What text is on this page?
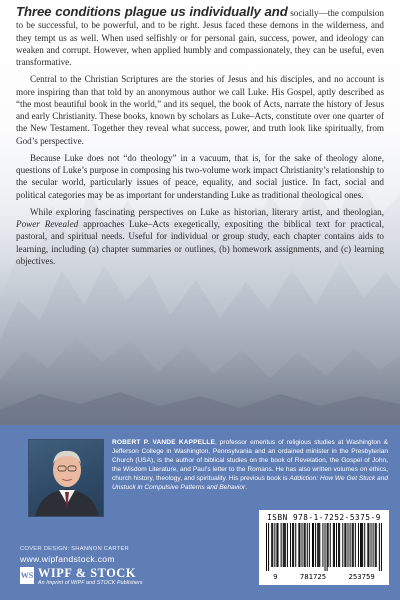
Three conditions plague us individually and socially—the compulsion to be successful, to be powerful, and to be right. Jesus faced these demons in the wilderness, and they tempt us as well. When used selfishly or for personal gain, success, power, and ideology can weaken and corrupt. However, when applied humbly and compassionately, they can be useful, even transformative.

Central to the Christian Scriptures are the stories of Jesus and his disciples, and no account is more inspiring than that told by an anonymous author we call Luke. His Gospel, aptly described as “the most beautiful book in the world,” and its sequel, the book of Acts, narrate the history of Jesus and early Christianity. These books, known by scholars as Luke–Acts, constitute over one quarter of the New Testament. Together they reveal what success, power, and truth look like spiritually, from God’s perspective.

Because Luke does not “do theology” in a vacuum, that is, for the sake of theology alone, questions of Luke’s purpose in composing his two-volume work impact Christianity’s relationship to the secular world, particularly issues of peace, equality, and social justice. In fact, social and political categories may be as important for understanding Luke as traditional theological ones.

While exploring fascinating perspectives on Luke as historian, literary artist, and theologian, Power Revealed approaches Luke–Acts exegetically, expositing the biblical text for practical, pastoral, and spiritual needs. Useful for individual or group study, each chapter contains aids to learning, including (a) chapter summaries or outlines, (b) homework assignments, and (c) learning objectives.

ROBERT P. VANDE KAPPELLE, professor emeritus of religious studies at Washington & Jefferson College in Washington, Pennsylvania and an ordained minister in the Presbyterian Church (USA), is the author of biblical studies on the book of Revelation, the Gospel of John, the Wisdom Literature, and Paul’s letter to the Romans. He has also written volumes on ethics, church history, theology, and spirituality. His previous book is Addiction: How We Get Stuck and Unstuck in Compulsive Patterns and Behavior.
ISBN 978-1-7252-5375-9
9	781725	253759
COVER DESIGN: SHANNON CARTER
www.wipfandstock.com
WS WIPF & STOCK
An Imprint of WIPF and STOCK Publishers
